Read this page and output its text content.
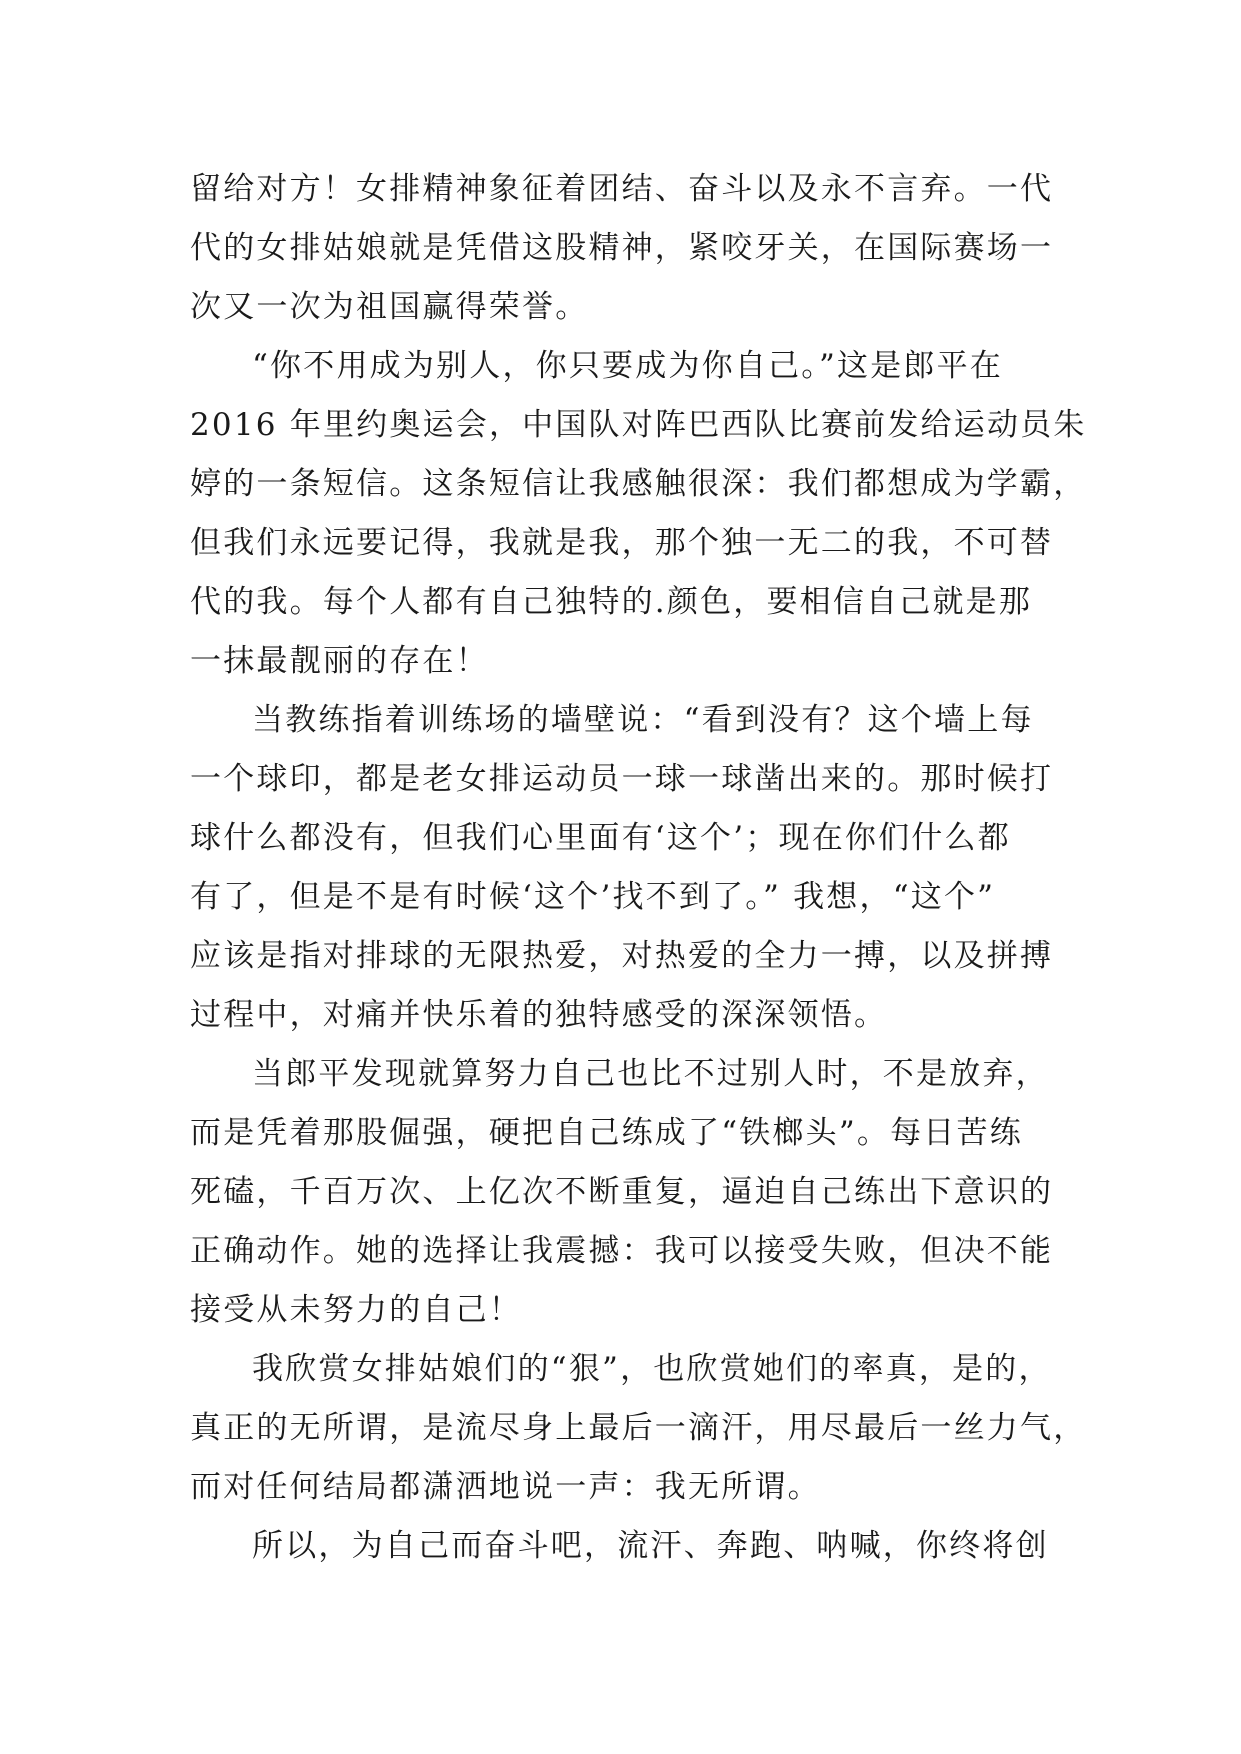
留给对方！女排精神象征着团结、奋斗以及永不言弃。一代
代的女排姑娘就是凭借这股精神，紧咬牙关，在国际赛场一
次又一次为祖国赢得荣誉。
“你不用成为别人，你只要成为你自己。”这是郎平在
2016 年里约奥运会，中国队对阵巴西队比赛前发给运动员朱
婷的一条短信。这条短信让我感触很深：我们都想成为学霸，
但我们永远要记得，我就是我，那个独一无二的我，不可替
代的我。每个人都有自己独特的.颜色，要相信自己就是那
一抹最靓丽的存在！
当教练指着训练场的墙壁说：“看到没有？这个墙上每
一个球印，都是老女排运动员一球一球凿出来的。那时候打
球什么都没有，但我们心里面有‘这个’；现在你们什么都
有了，但是不是有时候‘这个’找不到了。” 我想，“这个”
应该是指对排球的无限热爱，对热爱的全力一搏，以及拼搏
过程中，对痛并快乐着的独特感受的深深领悟。
当郎平发现就算努力自己也比不过别人时，不是放弃，
而是凭着那股倔强，硬把自己练成了“铁榔头”。每日苦练
死磕，千百万次、上亿次不断重复，逼迫自己练出下意识的
正确动作。她的选择让我震撼：我可以接受失败，但决不能
接受从未努力的自己！
我欣赏女排姑娘们的“狠”，也欣赏她们的率真，是的，
真正的无所谓，是流尽身上最后一滴汗，用尽最后一丝力气，
而对任何结局都潇洒地说一声：我无所谓。
所以，为自己而奋斗吧，流汗、奔跑、呐喊，你终将创
